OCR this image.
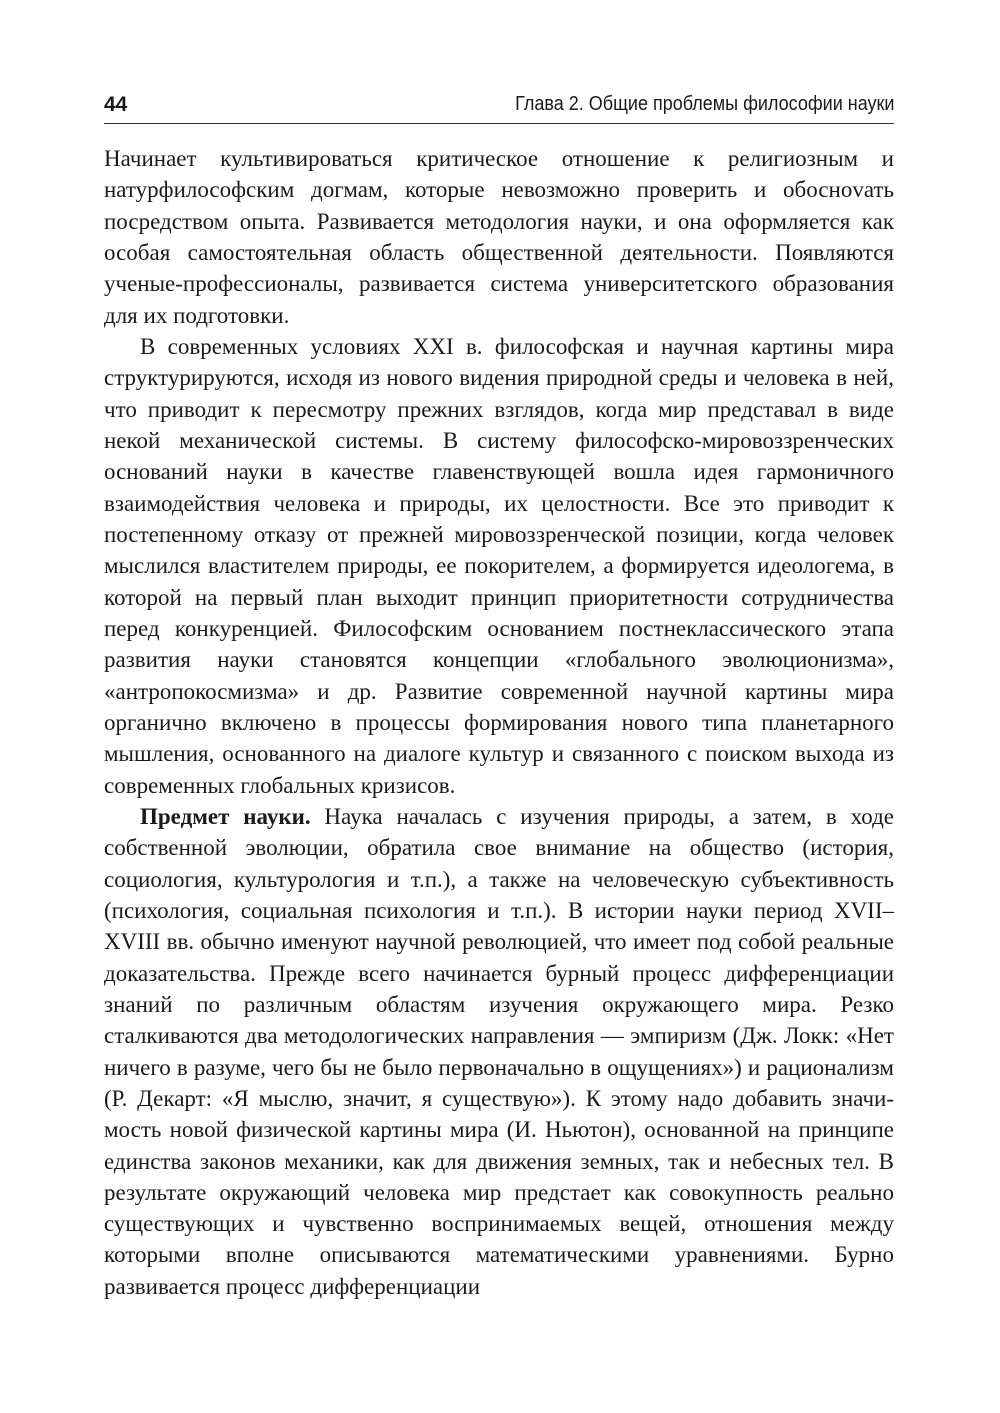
44	Глава 2. Общие проблемы философии науки

Начинает культивироваться критическое отношение к религиозным и натурфилософским догмам, которые невозможно проверить и обосноvать посредством опыта. Развивается методология науки, и она оформляется как особая самостоятельная область общественной деятельности. Появляются ученые-профессионалы, развивается система университетского образования для их подготовки.

В современных условиях XXI в. философская и научная картины мира структурируются, исходя из нового видения природной среды и человека в ней, что приводит к пересмотру прежних взглядов, когда мир представал в виде некой механической системы. В систему философско-мировоззренческих оснований науки в качестве главенствующей вошла идея гармоничного взаимодействия человека и природы, их целостности. Все это приводит к постепенному отказу от прежней мировоззренческой позиции, когда человек мыслился властителем природы, ее покорителем, а формируется идеологема, в которой на первый план выходит принцип приоритетности сотрудничества перед конкуренцией. Философским основанием постнеклассического этапа развития науки становятся концепции «глобального эволюционизма», «антропокосмизма» и др. Развитие современной научной картины мира органично включено в процессы формирования нового типа планетарного мышления, основанного на диалоге культур и связанного с поиском выхода из современных глобальных кризисов.

Предмет науки. Наука началась с изучения природы, а затем, в ходе собственной эволюции, обратила свое внимание на общество (история, социология, культурология и т.п.), а также на человеческую субъективность (психология, социальная психология и т.п.). В истории науки период XVII–XVIII вв. обычно именуют научной революцией, что имеет под собой реальные доказательства. Прежде всего начинается бурный процесс дифференциации знаний по различным областям изучения окружающего мира. Резко сталкиваются два методологических направления — эмпиризм (Дж. Локк: «Нет ничего в разуме, чего бы не было первоначально в ощущениях») и рационализм (Р. Декарт: «Я мыслю, значит, я существую»). К этому надо добавить значимость новой физической картины мира (И. Ньютон), основанной на принципе единства законов механики, как для движения земных, так и небесных тел. В результате окружающий человека мир предстает как совокупность реально существующих и чувственно воспринимаемых вещей, отношения между которыми вполне описываются математическими уравнениями. Бурно развивается процесс дифференциации
